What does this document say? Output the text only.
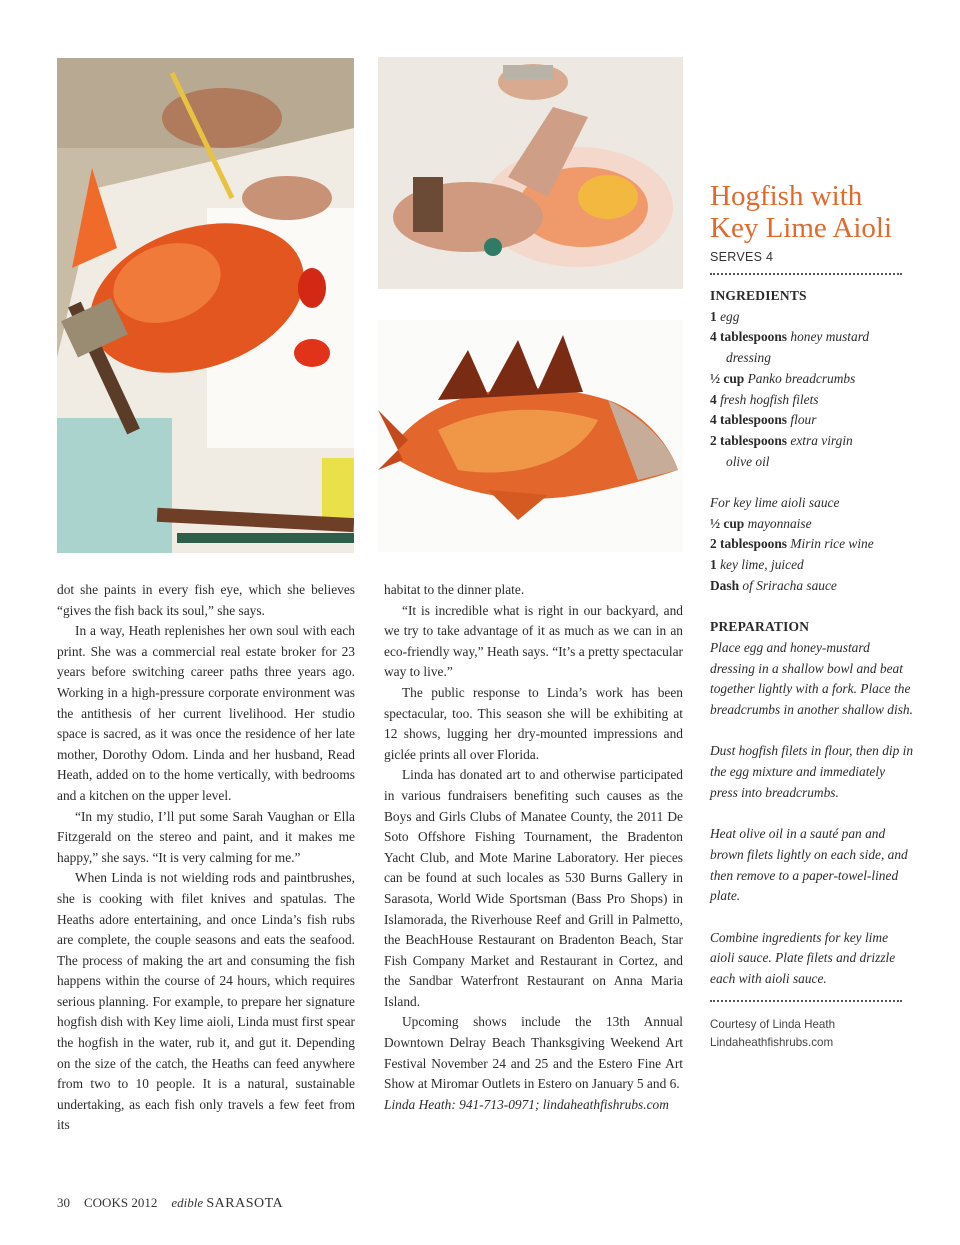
dot she paints in every fish eye, which she believes “gives the fish back its soul,” she says.

In a way, Heath replenishes her own soul with each print. She was a commercial real estate broker for 23 years before switching career paths three years ago. Working in a high-pressure corporate environment was the antithesis of her current livelihood. Her studio space is sacred, as it was once the residence of her late mother, Dorothy Odom. Linda and her husband, Read Heath, added on to the home vertically, with bedrooms and a kitchen on the upper level.

“In my studio, I’ll put some Sarah Vaughan or Ella Fitzgerald on the stereo and paint, and it makes me happy,” she says. “It is very calming for me.”

When Linda is not wielding rods and paintbrushes, she is cooking with filet knives and spatulas. The Heaths adore entertaining, and once Linda’s fish rubs are complete, the couple seasons and eats the seafood. The process of making the art and consuming the fish happens within the course of 24 hours, which requires serious planning. For example, to prepare her signature hogfish dish with Key lime aioli, Linda must first spear the hogfish in the water, rub it, and gut it. Depending on the size of the catch, the Heaths can feed anywhere from two to 10 people. It is a natural, sustainable undertaking, as each fish only travels a few feet from its

habitat to the dinner plate.

“It is incredible what is right in our backyard, and we try to take advantage of it as much as we can in an eco-friendly way,” Heath says. “It’s a pretty spectacular way to live.”

The public response to Linda’s work has been spectacular, too. This season she will be exhibiting at 12 shows, lugging her dry-mounted impressions and giclée prints all over Florida.

Linda has donated art to and otherwise participated in various fundraisers benefiting such causes as the Boys and Girls Clubs of Manatee County, the 2011 De Soto Offshore Fishing Tournament, the Bradenton Yacht Club, and Mote Marine Laboratory. Her pieces can be found at such locales as 530 Burns Gallery in Sarasota, World Wide Sportsman (Bass Pro Shops) in Islamorada, the Riverhouse Reef and Grill in Palmetto, the BeachHouse Restaurant on Bradenton Beach, Star Fish Company Market and Restaurant in Cortez, and the Sandbar Waterfront Restaurant on Anna Maria Island.

Upcoming shows include the 13th Annual Downtown Delray Beach Thanksgiving Weekend Art Festival November 24 and 25 and the Estero Fine Art Show at Miromar Outlets in Estero on January 5 and 6.

Linda Heath: 941-713-0971; lindaheathfishrubs.com

Hogfish with
Key Lime Aioli
SERVES 4
INGREDIENTS
1 egg
4 tablespoons honey mustard
dressing
½ cup Panko breadcrumbs
4 fresh hogfish filets
4 tablespoons flour
2 tablespoons extra virgin
olive oil
For key lime aioli sauce
½ cup mayonnaise
2 tablespoons Mirin rice wine
1 key lime, juiced
Dash of Sriracha sauce
PREPARATION
Place egg and honey-mustard dressing in a shallow bowl and beat together lightly with a fork. Place the breadcrumbs in another shallow dish.
Dust hogfish filets in flour, then dip in the egg mixture and immediately press into breadcrumbs.
Heat olive oil in a sauté pan and brown filets lightly on each side, and then remove to a paper-towel-lined plate.
Combine ingredients for key lime aioli sauce. Plate filets and drizzle each with aioli sauce.
Courtesy of Linda Heath
Lindaheathfishrubs.com
30 COOKS 2012 edible SARASOTA
